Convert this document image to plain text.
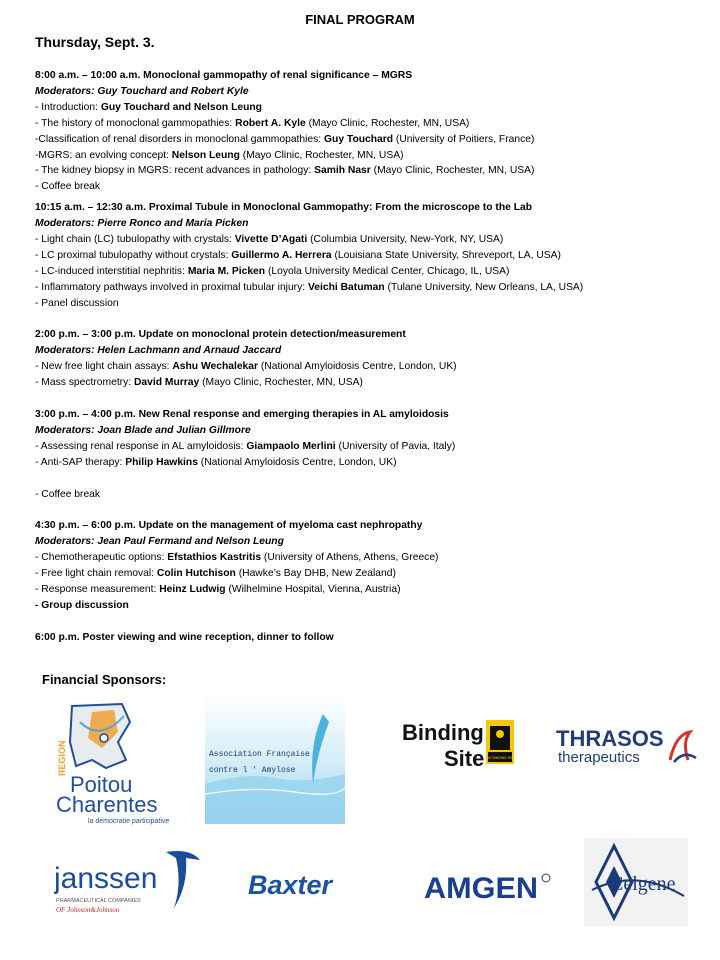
FINAL PROGRAM
Thursday, Sept. 3.
8:00 a.m. – 10:00 a.m. Monoclonal gammopathy of renal significance – MGRS
Moderators: Guy Touchard and Robert Kyle
- Introduction: Guy Touchard and Nelson Leung
- The history of monoclonal gammopathies: Robert A. Kyle (Mayo Clinic, Rochester, MN, USA)
-Classification of renal disorders in monoclonal gammopathies: Guy Touchard (University of Poitiers, France)
-MGRS: an evolving concept: Nelson Leung (Mayo Clinic, Rochester, MN, USA)
- The kidney biopsy in MGRS: recent advances in pathology: Samih Nasr (Mayo Clinic, Rochester, MN, USA)
- Coffee break
10:15 a.m. – 12:30 a.m. Proximal Tubule in Monoclonal Gammopathy: From the microscope to the Lab
Moderators: Pierre Ronco and Maria Picken
- Light chain (LC) tubulopathy with crystals: Vivette D’Agati (Columbia University, New-York, NY, USA)
- LC proximal tubulopathy without crystals: Guillermo A. Herrera (Louisiana State University, Shreveport, LA, USA)
- LC-induced interstitial nephritis: Maria M. Picken (Loyola University Medical Center, Chicago, IL, USA)
- Inflammatory pathways involved in proximal tubular injury: Veichi Batuman (Tulane University, New Orleans, LA, USA)
- Panel discussion
2:00 p.m. – 3:00 p.m. Update on monoclonal protein detection/measurement
Moderators: Helen Lachmann and Arnaud Jaccard
- New free light chain assays: Ashu Wechalekar (National Amyloidosis Centre, London, UK)
- Mass spectrometry: David Murray (Mayo Clinic, Rochester, MN, USA)
3:00 p.m. – 4:00 p.m. New Renal response and emerging therapies in AL amyloidosis
Moderators: Joan Blade and Julian Gillmore
- Assessing renal response in AL amyloidosis: Giampaolo Merlini (University of Pavia, Italy)
- Anti-SAP therapy: Philip Hawkins (National Amyloidosis Centre, London, UK)
- Coffee break
4:30 p.m. – 6:00 p.m. Update on the management of myeloma cast nephropathy
Moderators: Jean Paul Fermand and Nelson Leung
- Chemotherapeutic options: Efstathios Kastritis (University of Athens, Athens, Greece)
- Free light chain removal: Colin Hutchison (Hawke’s Bay DHB, New Zealand)
- Response measurement: Heinz Ludwig (Wilhelmine Hospital, Vienna, Austria)
- Group discussion
6:00 p.m. Poster viewing and wine reception, dinner to follow
Financial Sponsors:
REGION
Poitou
Charentes
la démocratie participative
Association Française
contre l ' Amylose
Binding
Site THE BINDING SITE
THRASOS
therapeutics
janssen
PHARMACEUTICAL COMPANIES
OF Johnson&Johnson
Baxter	AMGEN	Celgene
